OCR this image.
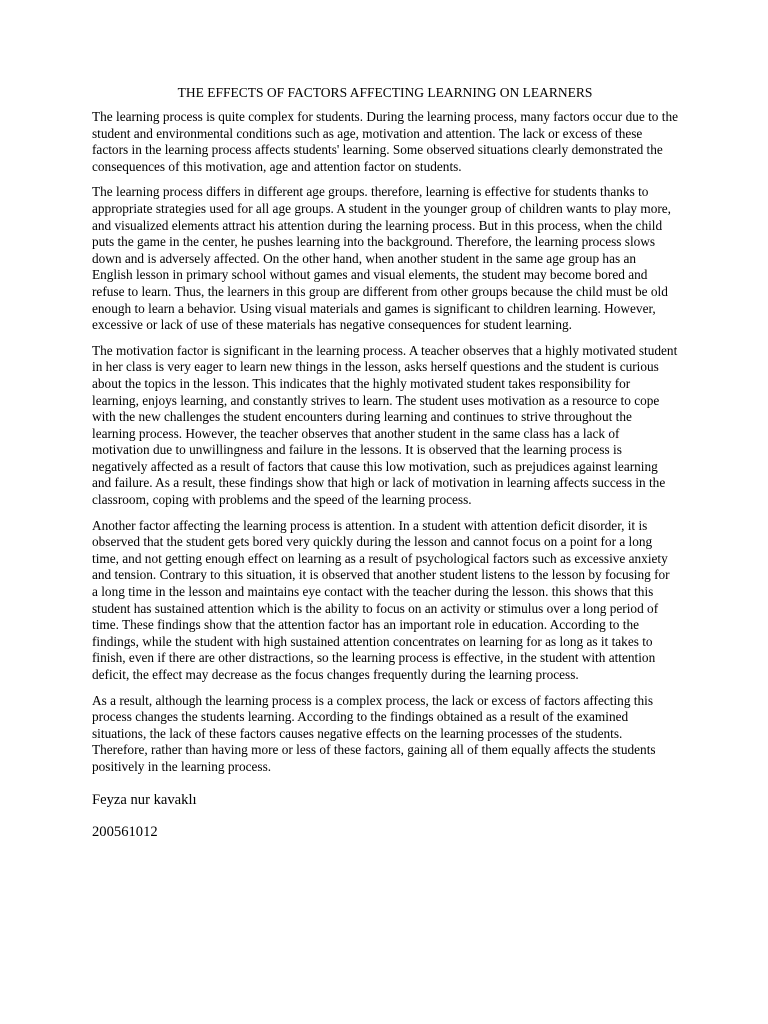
THE EFFECTS OF FACTORS AFFECTING LEARNING ON LEARNERS

The learning process is quite complex for students. During the learning process, many factors occur due to the student and environmental conditions such as age, motivation and attention. The lack or excess of these factors in the learning process affects students' learning. Some observed situations clearly demonstrated the consequences of this motivation, age and attention factor on students.

The learning process differs in different age groups. therefore, learning is effective for students thanks to appropriate strategies used for all age groups. A student in the younger group of children wants to play more, and visualized elements attract his attention during the learning process. But in this process, when the child puts the game in the center, he pushes learning into the background. Therefore, the learning process slows down and is adversely affected. On the other hand, when another student in the same age group has an English lesson in primary school without games and visual elements, the student may become bored and refuse to learn. Thus, the learners in this group are different from other groups because the child must be old enough to learn a behavior. Using visual materials and games is significant to children learning. However, excessive or lack of use of these materials has negative consequences for student learning.

The motivation factor is significant in the learning process. A teacher observes that a highly motivated student in her class is very eager to learn new things in the lesson, asks herself questions and the student is curious about the topics in the lesson. This indicates that the highly motivated student takes responsibility for learning, enjoys learning, and constantly strives to learn. The student uses motivation as a resource to cope with the new challenges the student encounters during learning and continues to strive throughout the learning process. However, the teacher observes that another student in the same class has a lack of motivation due to unwillingness and failure in the lessons. It is observed that the learning process is negatively affected as a result of factors that cause this low motivation, such as prejudices against learning and failure. As a result, these findings show that high or lack of motivation in learning affects success in the classroom, coping with problems and the speed of the learning process.

Another factor affecting the learning process is attention. In a student with attention deficit disorder, it is observed that the student gets bored very quickly during the lesson and cannot focus on a point for a long time, and not getting enough effect on learning as a result of psychological factors such as excessive anxiety and tension. Contrary to this situation, it is observed that another student listens to the lesson by focusing for a long time in the lesson and maintains eye contact with the teacher during the lesson. this shows that this student has sustained attention which is the ability to focus on an activity or stimulus over a long period of time. These findings show that the attention factor has an important role in education. According to the findings, while the student with high sustained attention concentrates on learning for as long as it takes to finish, even if there are other distractions, so the learning process is effective, in the student with attention deficit, the effect may decrease as the focus changes frequently during the learning process.

As a result, although the learning process is a complex process, the lack or excess of factors affecting this process changes the students learning. According to the findings obtained as a result of the examined situations, the lack of these factors causes negative effects on the learning processes of the students. Therefore, rather than having more or less of these factors, gaining all of them equally affects the students positively in the learning process.

Feyza nur kavaklı

200561012
